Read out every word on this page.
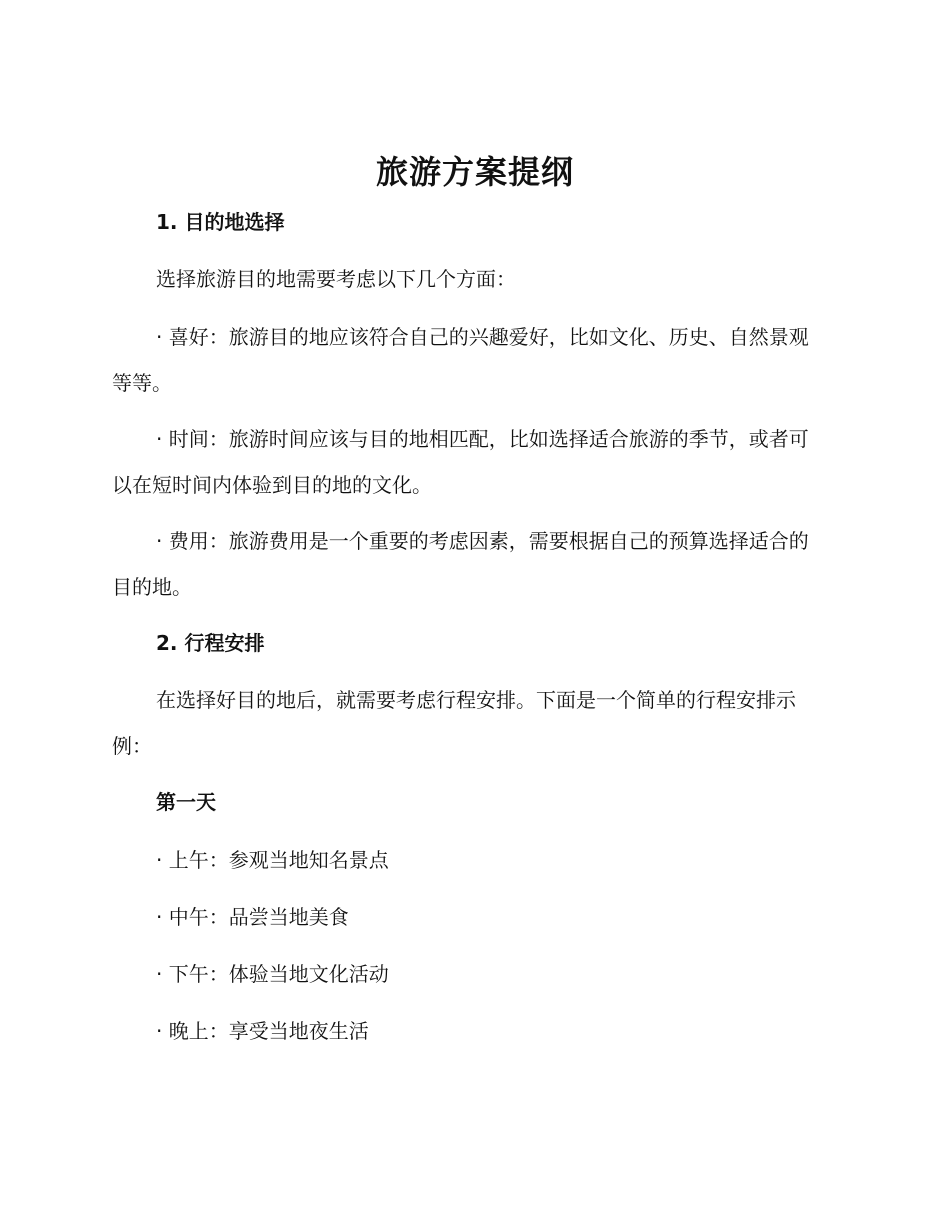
旅游方案提纲
1. 目的地选择

选择旅游目的地需要考虑以下几个方面：

· 喜好：旅游目的地应该符合自己的兴趣爱好，比如文化、历史、自然景观等等。

· 时间：旅游时间应该与目的地相匹配，比如选择适合旅游的季节，或者可以在短时间内体验到目的地的文化。

· 费用：旅游费用是一个重要的考虑因素，需要根据自己的预算选择适合的目的地。

2. 行程安排

在选择好目的地后，就需要考虑行程安排。下面是一个简单的行程安排示例：

第一天
· 上午：参观当地知名景点
· 中午：品尝当地美食
· 下午：体验当地文化活动
· 晚上：享受当地夜生活
